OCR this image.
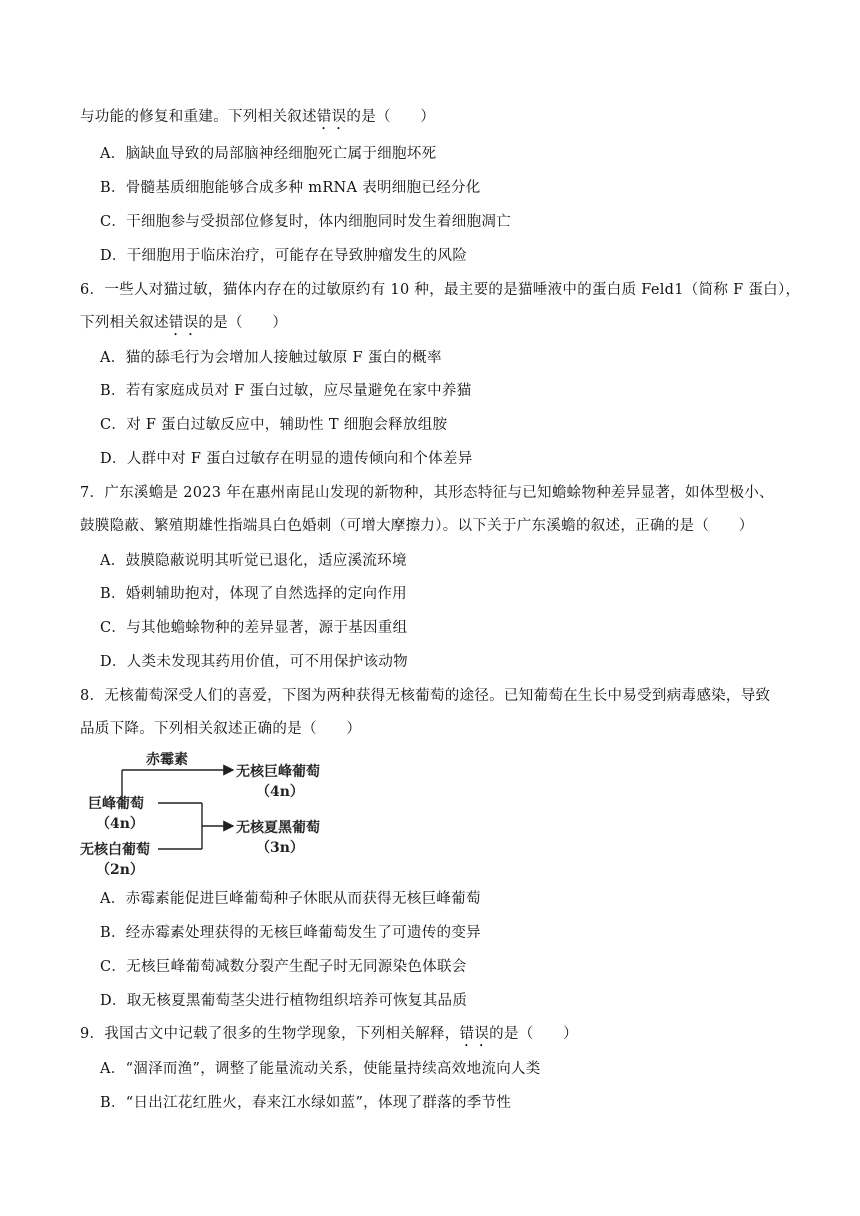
与功能的修复和重建。下列相关叙述错误的是（　　）
A．脑缺血导致的局部脑神经细胞死亡属于细胞坏死
B．骨髓基质细胞能够合成多种 mRNA 表明细胞已经分化
C．干细胞参与受损部位修复时，体内细胞同时发生着细胞凋亡
D．干细胞用于临床治疗，可能存在导致肿瘤发生的风险
6．一些人对猫过敏，猫体内存在的过敏原约有 10 种，最主要的是猫唾液中的蛋白质 Feld1（简称 F 蛋白），
下列相关叙述错误的是（　　）
A．猫的舔毛行为会增加人接触过敏原 F 蛋白的概率
B．若有家庭成员对 F 蛋白过敏，应尽量避免在家中养猫
C．对 F 蛋白过敏反应中，辅助性 T 细胞会释放组胺
D．人群中对 F 蛋白过敏存在明显的遗传倾向和个体差异
7．广东溪蟾是 2023 年在惠州南昆山发现的新物种，其形态特征与已知蟾蜍物种差异显著，如体型极小、
鼓膜隐蔽、繁殖期雄性指端具白色婚刺（可增大摩擦力）。以下关于广东溪蟾的叙述，正确的是（　　）
A．鼓膜隐蔽说明其听觉已退化，适应溪流环境
B．婚刺辅助抱对，体现了自然选择的定向作用
C．与其他蟾蜍物种的差异显著，源于基因重组
D．人类未发现其药用价值，可不用保护该动物
8．无核葡萄深受人们的喜爱，下图为两种获得无核葡萄的途径。已知葡萄在生长中易受到病毒感染，导致
品质下降。下列相关叙述正确的是（　　）
赤霉素
无核巨峰葡萄
（4n）
巨峰葡萄
（4n）	无核夏黑葡萄
（3n）
无核白葡萄
（2n）
A．赤霉素能促进巨峰葡萄种子休眠从而获得无核巨峰葡萄
B．经赤霉素处理获得的无核巨峰葡萄发生了可遗传的变异
C．无核巨峰葡萄减数分裂产生配子时无同源染色体联会
D．取无核夏黑葡萄茎尖进行植物组织培养可恢复其品质
9．我国古文中记载了很多的生物学现象，下列相关解释，错误的是（　　）
A．“涸泽而渔”，调整了能量流动关系，使能量持续高效地流向人类
B．“日出江花红胜火，春来江水绿如蓝”，体现了群落的季节性
